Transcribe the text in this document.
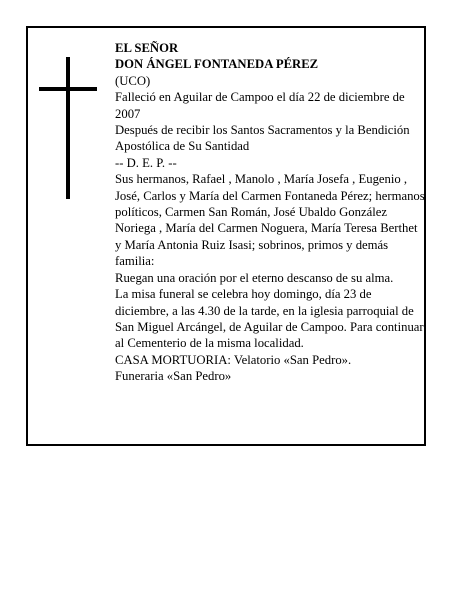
EL SEÑOR
DON ÁNGEL FONTANEDA PÉREZ
(UCO)
Falleció en Aguilar de Campoo el día 22 de diciembre de 2007
Después de recibir los Santos Sacramentos y la Bendición Apostólica de Su Santidad
-- D. E. P. --
Sus hermanos, Rafael , Manolo , María Josefa , Eugenio , José, Carlos y María del Carmen Fontaneda Pérez; hermanos políticos, Carmen San Román, José Ubaldo González Noriega , María del Carmen Noguera, María Teresa Berthet y María Antonia Ruiz Isasi; sobrinos, primos y demás familia:
Ruegan una oración por el eterno descanso de su alma.
La misa funeral se celebra hoy domingo, día 23 de diciembre, a las 4.30 de la tarde, en la iglesia parroquial de San Miguel Arcángel, de Aguilar de Campoo. Para continuar al Cementerio de la misma localidad.
CASA MORTUORIA: Velatorio «San Pedro».
Funeraria «San Pedro»
